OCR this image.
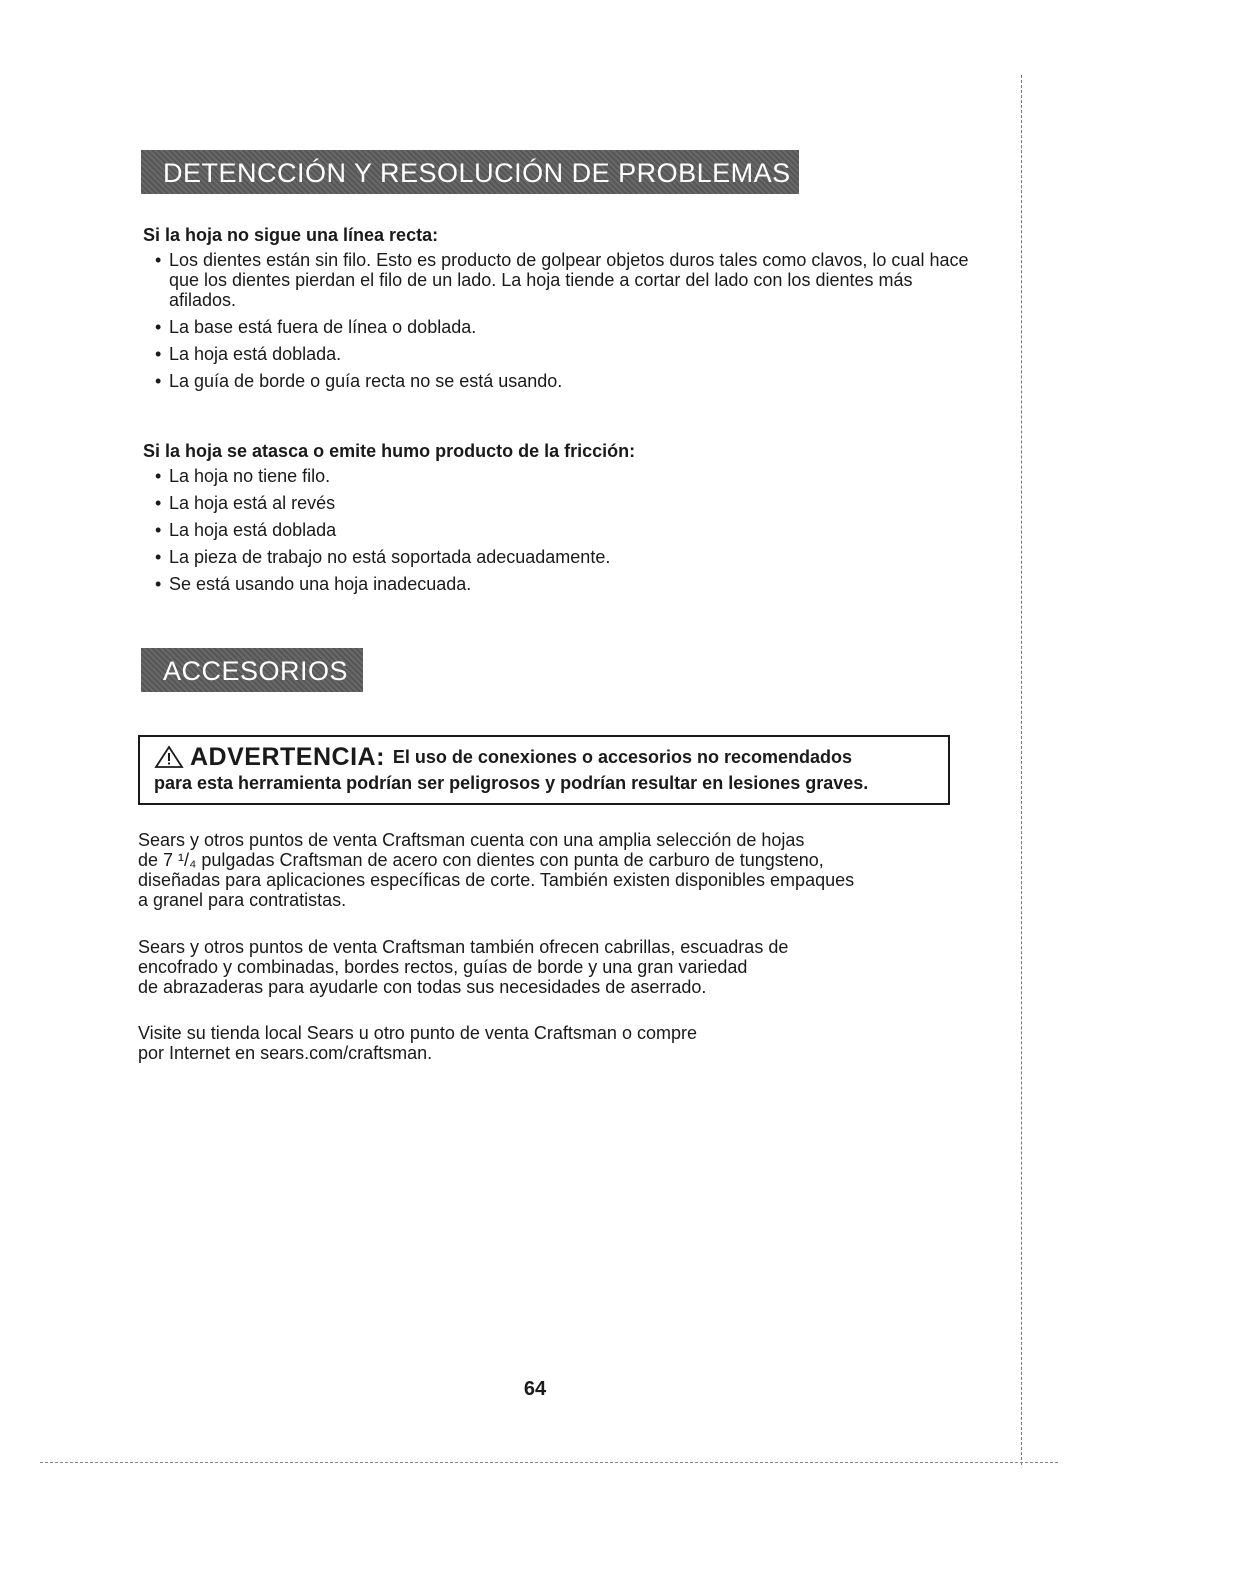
DETENCCIÓN Y RESOLUCIÓN DE PROBLEMAS

Si la hoja no sigue una línea recta:

• Los dientes están sin filo. Esto es producto de golpear objetos duros tales como clavos, lo cual hace que los dientes pierdan el filo de un lado. La hoja tiende a cortar del lado con los dientes más afilados.
• La base está fuera de línea o doblada.
• La hoja está doblada.
• La guía de borde o guía recta no se está usando.

Si la hoja se atasca o emite humo producto de la fricción:

• La hoja no tiene filo.
• La hoja está al revés
• La hoja está doblada
• La pieza de trabajo no está soportada adecuadamente.
• Se está usando una hoja inadecuada.
ACCESORIOS
ADVERTENCIA: El uso de conexiones o accesorios no recomendados
para esta herramienta podrían ser peligrosos y podrían resultar en lesiones graves.

Sears y otros puntos de venta Craftsman cuenta con una amplia selección de hojas
de 7 ¹/₄ pulgadas Craftsman de acero con dientes con punta de carburo de tungsteno,
diseñadas para aplicaciones específicas de corte. También existen disponibles empaques
a granel para contratistas.

Sears y otros puntos de venta Craftsman también ofrecen cabrillas, escuadras de
encofrado y combinadas, bordes rectos, guías de borde y una gran variedad
de abrazaderas para ayudarle con todas sus necesidades de aserrado.

Visite su tienda local Sears u otro punto de venta Craftsman o compre
por Internet en sears.com/craftsman.

64
